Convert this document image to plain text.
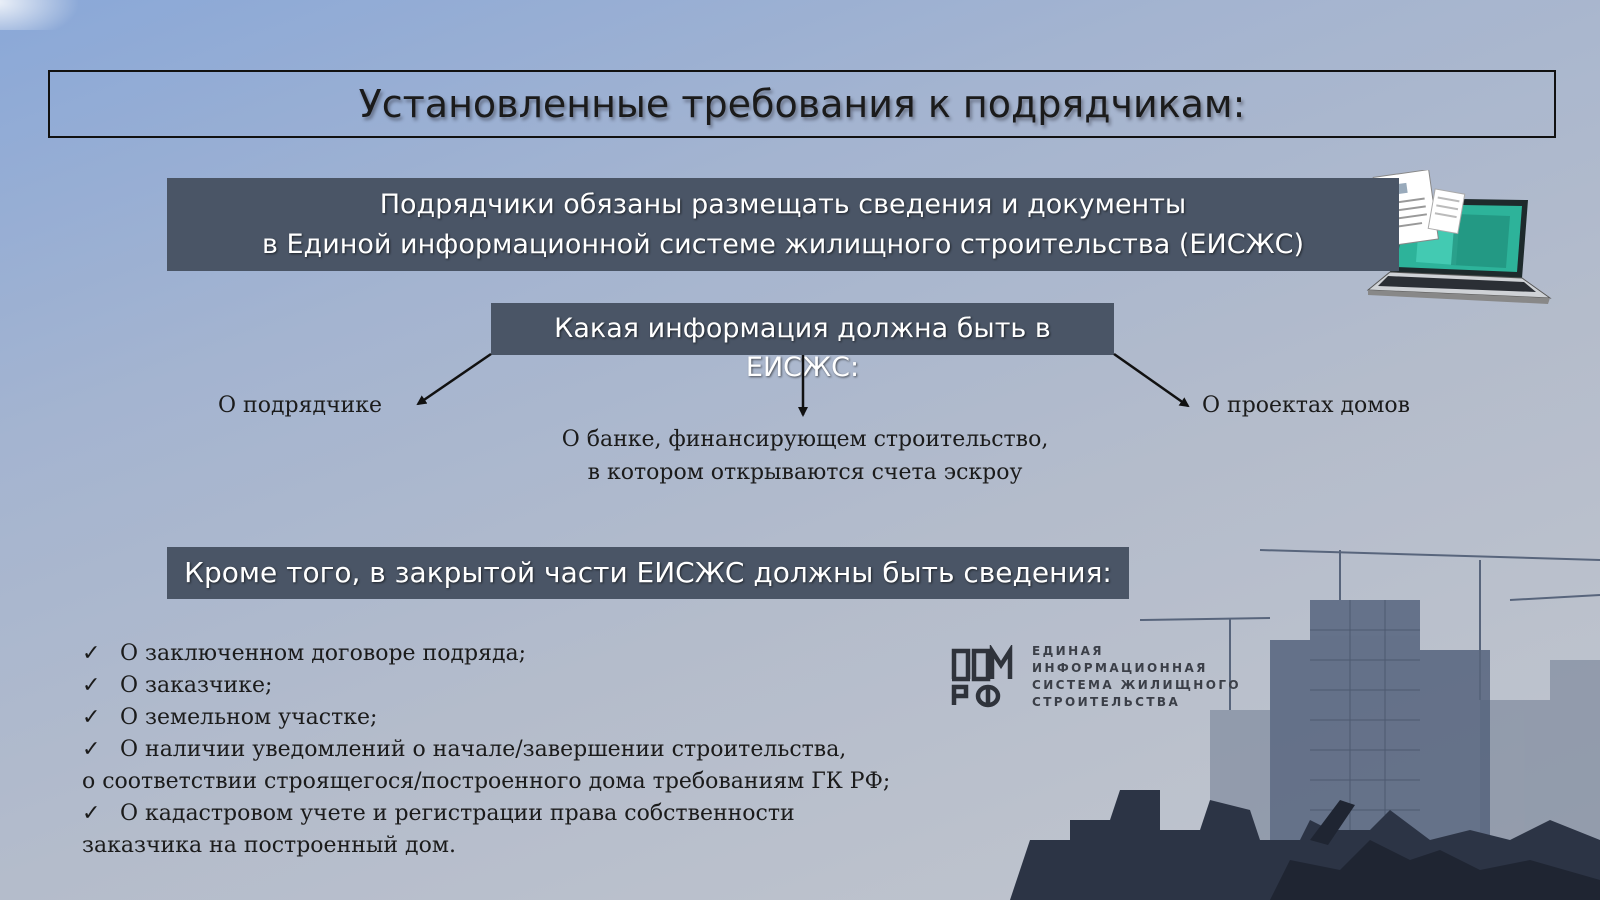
Установленные требования к подрядчикам:
Подрядчики обязаны размещать сведения и документы
в Единой информационной системе жилищного строительства (ЕИСЖС)
Какая информация должна быть в
ЕИСЖС:
О подрядчике
О банке, финансирующем строительство,
в котором открываются счета эскроу
О проектах домов
Кроме того, в закрытой части ЕИСЖС должны быть сведения:
✓ О заключенном договоре подряда;
✓ О заказчике;
✓ О земельном участке;
✓ О наличии уведомлений о начале/завершении строительства,
о соответствии строящегося/построенного дома требованиям ГК РФ;
✓ О кадастровом учете и регистрации права собственности
заказчика на построенный дом.
ЕДИНАЯ
ИНФОРМАЦИОННАЯ
СИСТЕМА ЖИЛИЩНОГО
СТРОИТЕЛЬСТВА
